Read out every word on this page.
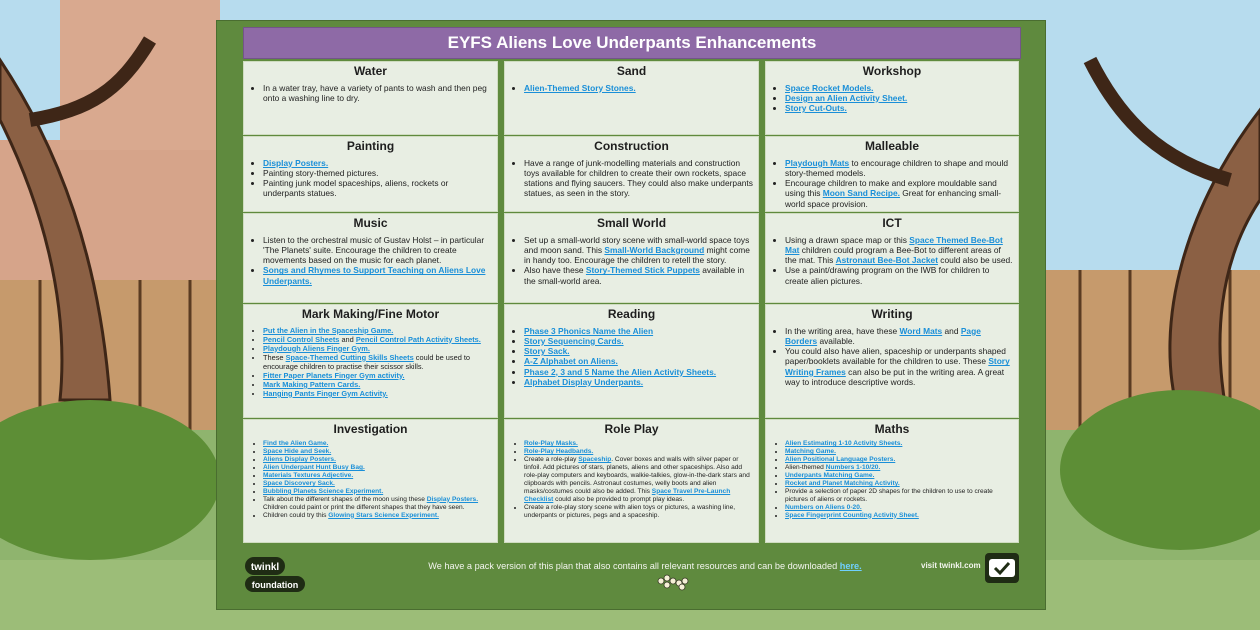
EYFS Aliens Love Underpants Enhancements
Water
• In a water tray, have a variety of pants to wash and then peg onto a washing line to dry.
Sand
• Alien-Themed Story Stones.
Workshop
• Space Rocket Models.
• Design an Alien Activity Sheet.
• Story Cut-Outs.
Painting
• Display Posters.
• Painting story-themed pictures.
• Painting junk model spaceships, aliens, rockets or underpants statues.
Construction
• Have a range of junk-modelling materials and construction toys available for children to create their own rockets, space stations and flying saucers. They could also make underpants statues, as seen in the story.
Malleable
• Playdough Mats to encourage children to shape and mould story-themed models.
• Encourage children to make and explore mouldable sand using this Moon Sand Recipe. Great for enhancing small-world space provision.
Music
• Listen to the orchestral music of Gustav Holst – in particular 'The Planets' suite. Encourage the children to create movements based on the music for each planet.
• Songs and Rhymes to Support Teaching on Aliens Love Underpants.
Small World
• Set up a small-world story scene with small-world space toys and moon sand. This Small-World Background might come in handy too. Encourage the children to retell the story.
• Also have these Story-Themed Stick Puppets available in the small-world area.
ICT
• Using a drawn space map or this Space Themed Bee-Bot Mat children could program a Bee-Bot to different areas of the mat. This Astronaut Bee-Bot Jacket could also be used.
• Use a paint/drawing program on the IWB for children to create alien pictures.
Mark Making/Fine Motor
• Put the Alien in the Spaceship Game.
• Pencil Control Sheets and Pencil Control Path Activity Sheets.
• Playdough Aliens Finger Gym.
• These Space-Themed Cutting Skills Sheets could be used to encourage children to practise their scissor skills.
• Fitter Paper Planets Finger Gym activity.
• Mark Making Pattern Cards.
• Hanging Pants Finger Gym Activity.
Reading
• Phase 3 Phonics Name the Alien
• Story Sequencing Cards.
• Story Sack.
• A-Z Alphabet on Aliens.
• Phase 2, 3 and 5 Name the Alien Activity Sheets.
• Alphabet Display Underpants.
Writing
• In the writing area, have these Word Mats and Page Borders available.
• You could also have alien, spaceship or underpants shaped paper/booklets available for the children to use. These Story Writing Frames can also be put in the writing area. A great way to introduce descriptive words.
Investigation
• Find the Alien Game.
• Space Hide and Seek.
• Aliens Display Posters.
• Alien Underpant Hunt Busy Bag.
• Materials Textures Adjective.
• Space Discovery Sack.
• Bubbling Planets Science Experiment.
• Talk about the different shapes of the moon using these Display Posters. Children could paint or print the different shapes that they have seen.
• Children could try this Glowing Stars Science Experiment.
Role Play
• Role-Play Masks.
• Role-Play Headbands.
• Create a role-play Spaceship. Cover boxes and walls with silver paper or tinfoil. Add pictures of stars, planets, aliens and other spaceships. Also add role-play computers and keyboards, walkie-talkies, glow-in-the-dark stars and clipboards with pencils. Astronaut costumes, welly boots and alien masks/costumes could also be added. This Space Travel Pre-Launch Checklist could also be provided to prompt play ideas.
• Create a role-play story scene with alien toys or pictures, a washing line, underpants or pictures, pegs and a spaceship.
Maths
• Alien Estimating 1-10 Activity Sheets.
• Matching Game.
• Alien Positional Language Posters.
• Alien-themed Numbers 1-10/20.
• Underpants Matching Game.
• Rocket and Planet Matching Activity.
• Provide a selection of paper 2D shapes for the children to use to create pictures of aliens or rockets.
• Numbers on Aliens 0-20.
• Space Fingerprint Counting Activity Sheet.
twinkl
foundation
We have a pack version of this plan that also contains all relevant resources and can be downloaded here.	visit twinkl.com
